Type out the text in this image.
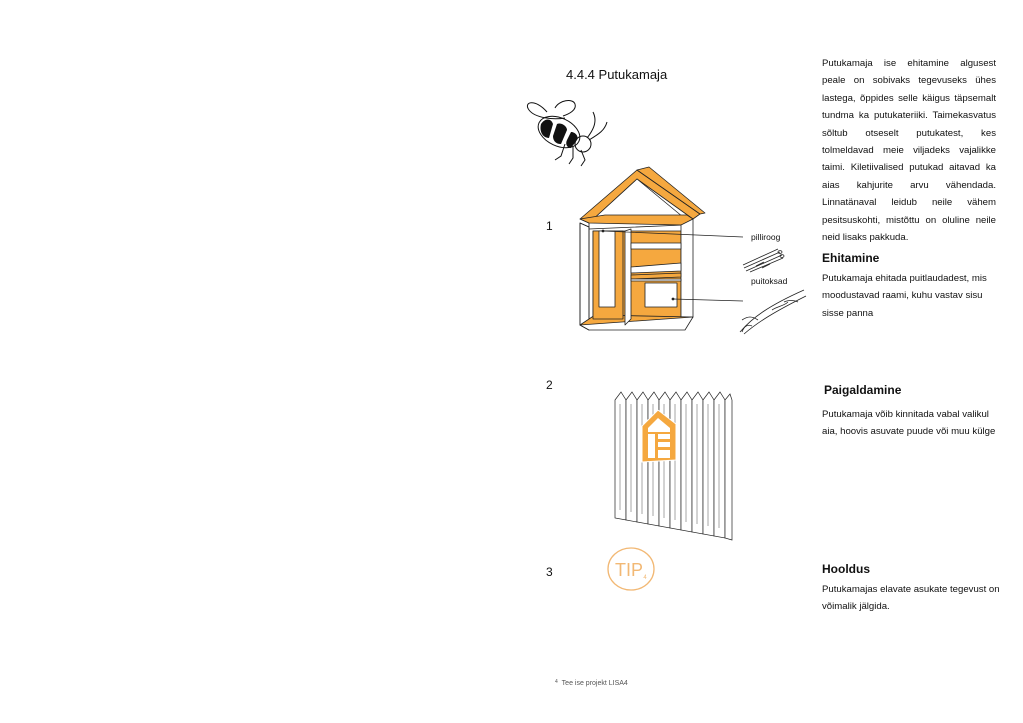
4.4.4 Putukamaja
1
2
3
pilliroog
puitoksad
TIP 4
Putukamaja ise ehitamine algusest peale on sobivaks tegevuseks ühes lastega, õppides selle käigus täpsemalt tundma ka putukateriiki. Taimekasvatus sõltub otseselt putukatest, kes tolmeldavad meie viljadeks vajalikke taimi. Kiletiivalised putukad aitavad ka aias kahjurite arvu vähendada. Linnatänaval leidub neile vähem pesitsuskohti, mistõttu on oluline neile neid lisaks pakkuda.
Ehitamine
Putukamaja ehitada puitlaudadest, mis moodustavad raami, kuhu vastav sisu sisse panna
Paigaldamine
Putukamaja võib kinnitada vabal valikul aia, hoovis asuvate puude või muu külge
Hooldus
Putukamajas elavate asukate tegevust on võimalik jälgida.
$^4$ Tee ise projekt LISA4
